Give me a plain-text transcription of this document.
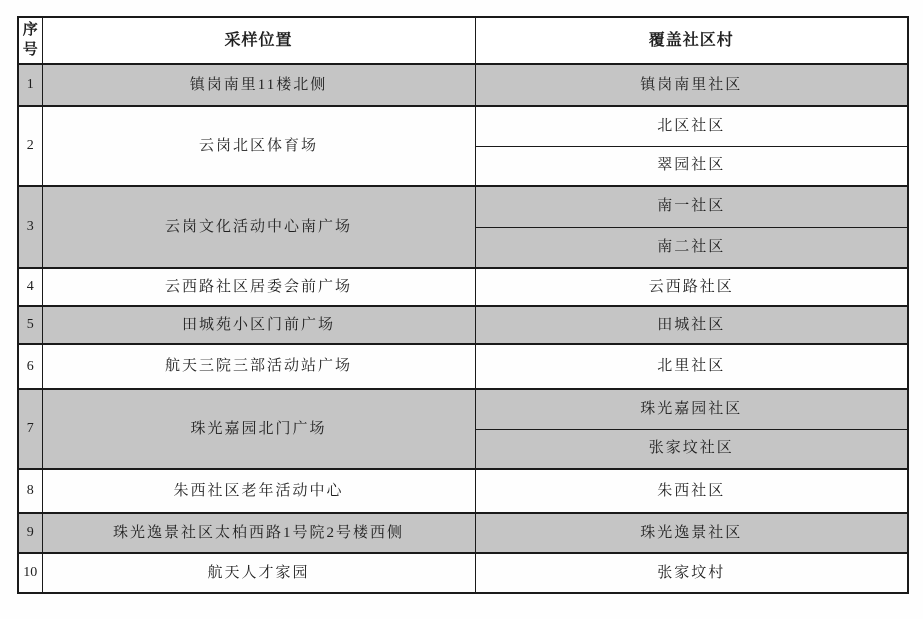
序号	采样位置	覆盖社区村
1	镇岗南里11楼北侧	镇岗南里社区
2	云岗北区体育场	北区社区
		翠园社区
3	云岗文化活动中心南广场	南一社区
		南二社区
4	云西路社区居委会前广场	云西路社区
5	田城苑小区门前广场	田城社区
6	航天三院三部活动站广场	北里社区
7	珠光嘉园北门广场	珠光嘉园社区
		张家坟社区
8	朱西社区老年活动中心	朱西社区
9	珠光逸景社区太柏西路1号院2号楼西侧	珠光逸景社区
10	航天人才家园	张家坟村
